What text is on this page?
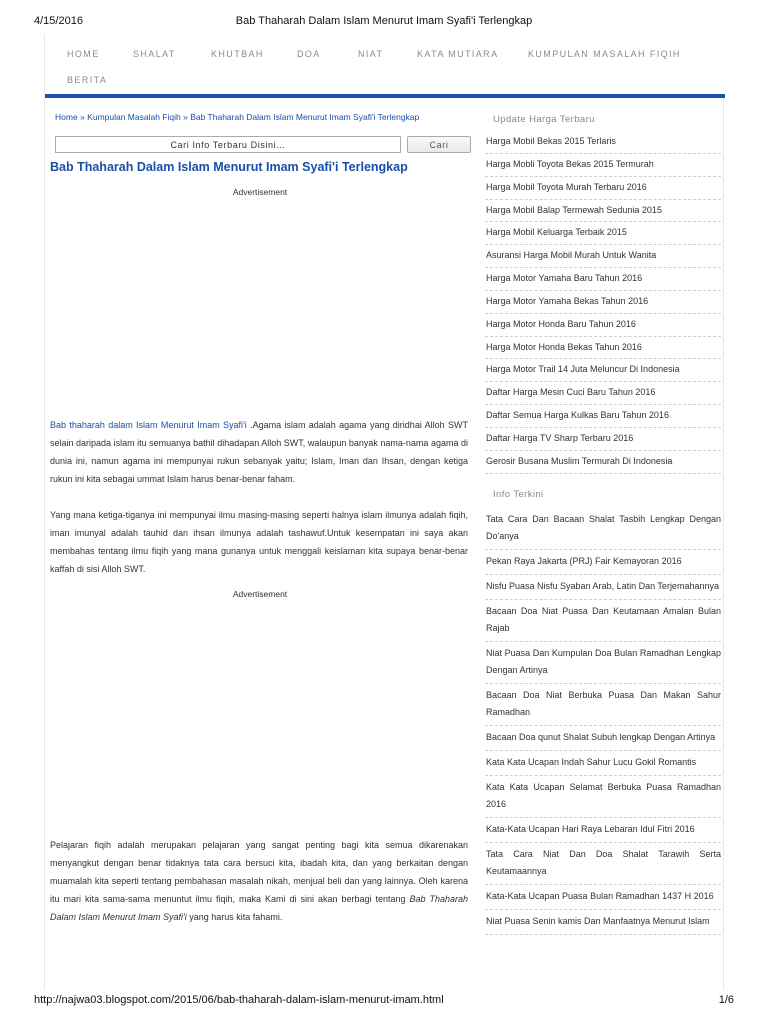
4/15/2016	Bab Thaharah Dalam Islam Menurut Imam Syafi'i Terlengkap
HOME	SHALAT	KHUTBAH	DOA	NIAT	KATA MUTIARA	KUMPULAN MASALAH FIQIH
BERITA
Home » Kumpulan Masalah Fiqih » Bab Thaharah Dalam Islam Menurut Imam Syafi'i Terlengkap
Cari Info Terbaru Disini...
Cari
Bab Thaharah Dalam Islam Menurut Imam Syafi'i Terlengkap
Advertisement

Bab thaharah dalam Islam Menurut Imam Syafi'i .Agama islam adalah agama yang diridhai Alloh SWT selain daripada islam itu semuanya bathil dihadapan Alloh SWT, walaupun banyak nama-nama agama di dunia ini, namun agama ini mempunyai rukun sebanyak yaitu; Islam, Iman dan Ihsan, dengan ketiga rukun ini kita sebagai ummat Islam harus benar-benar faham.

Yang mana ketiga-tiganya ini mempunyai ilmu masing-masing seperti halnya islam ilmunya adalah fiqih, iman imunyal adalah tauhid dan ihsan ilmunya adalah tashawuf.Untuk kesempatan ini saya akan membahas tentang ilmu fiqih yang mana gunanya untuk menggali keislaman kita supaya benar-benar kaffah di sisi Alloh SWT.

Advertisement

Pelajaran fiqih adalah merupakan pelajaran yang sangat penting bagi kita semua dikarenakan menyangkut dengan benar tidaknya tata cara bersuci kita, ibadah kita, dan yang berkaitan dengan muamalah kita seperti tentang pembahasan masalah nikah, menjual beli dan yang lainnya. Oleh karena itu mari kita sama-sama menuntut ilmu fiqih, maka Kami di sini akan berbagi tentang Bab Thaharah Dalam Islam Menurut Imam Syafi'i yang harus kita fahami.

Update Harga Terbaru
Harga Mobil Bekas 2015 Terlaris
Harga Mobli Toyota Bekas 2015 Termurah
Harga Mobil Toyota Murah Terbaru 2016
Harga Mobil Balap Termewah Sedunia 2015
Harga Mobil Keluarga Terbaik 2015
Asuransi Harga Mobil Murah Untuk Wanita
Harga Motor Yamaha Baru Tahun 2016
Harga Motor Yamaha Bekas Tahun 2016
Harga Motor Honda Baru Tahun 2016
Harga Motor Honda Bekas Tahun 2016
Harga Motor Trail 14 Juta Meluncur Di Indonesia
Daftar Harga Mesin Cuci Baru Tahun 2016
Daftar Semua Harga Kulkas Baru Tahun 2016
Daftar Harga TV Sharp Terbaru 2016
Gerosir Busana Muslim Termurah Di Indonesia
Info Terkini
Tata Cara Dan Bacaan Shalat Tasbih Lengkap Dengan Do'anya
Pekan Raya Jakarta (PRJ) Fair Kemayoran 2016
Nisfu Puasa Nisfu Syaban Arab, Latin Dan Terjemahannya
Bacaan Doa Niat Puasa Dan Keutamaan Amalan Bulan Rajab
Niat Puasa Dan Kumpulan Doa Bulan Ramadhan Lengkap Dengan Artinya
Bacaan Doa Niat Berbuka Puasa Dan Makan Sahur Ramadhan
Bacaan Doa qunut Shalat Subuh lengkap Dengan Artinya
Kata Kata Ucapan Indah Sahur Lucu Gokil Romantis
Kata Kata Ucapan Selamat Berbuka Puasa Ramadhan 2016
Kata-Kata Ucapan Hari Raya Lebaran Idul Fitri 2016
Tata Cara Niat Dan Doa Shalat Tarawih Serta Keutamaannya
Kata-Kata Ucapan Puasa Bulan Ramadhan 1437 H 2016
Niat Puasa Senin kamis Dan Manfaatnya Menurut Islam
http://najwa03.blogspot.com/2015/06/bab-thaharah-dalam-islam-menurut-imam.html	1/6
